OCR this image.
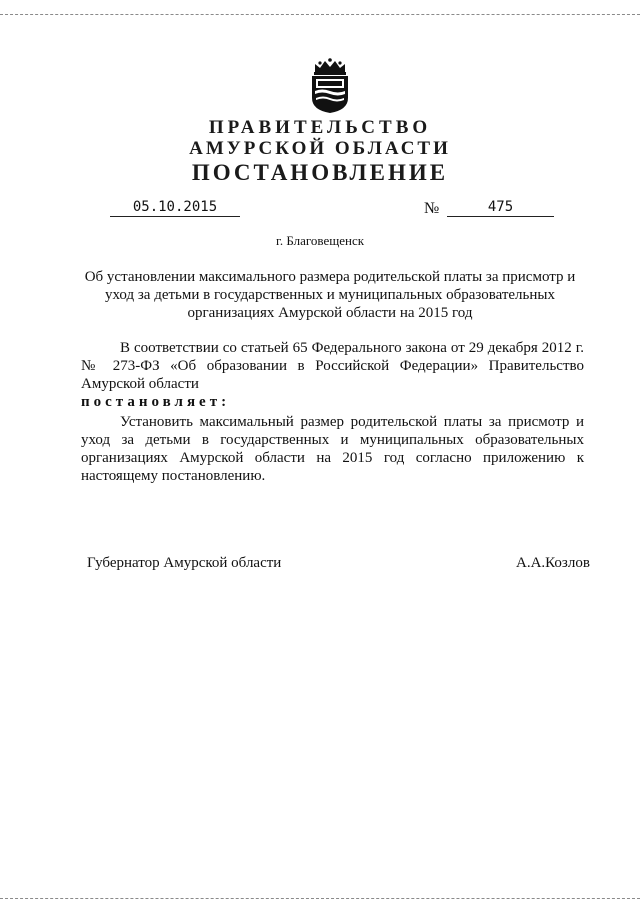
ПРАВИТЕЛЬСТВО
АМУРСКОЙ ОБЛАСТИ
ПОСТАНОВЛЕНИЕ
05.10.2015	№	475
г. Благовещенск
Об установлении максимального размера родительской платы за присмотр и уход за детьми в государственных и муниципальных образовательных организациях Амурской области на 2015 год
В соответствии со статьей 65 Федерального закона от 29 декабря 2012 г. № 273-ФЗ «Об образовании в Российской Федерации» Правительство Амурской области
постановляет:
Установить максимальный размер родительской платы за присмотр и уход за детьми в государственных и муниципальных образовательных организациях Амурской области на 2015 год согласно приложению к настоящему постановлению.
Губернатор Амурской области	А.А.Козлов
